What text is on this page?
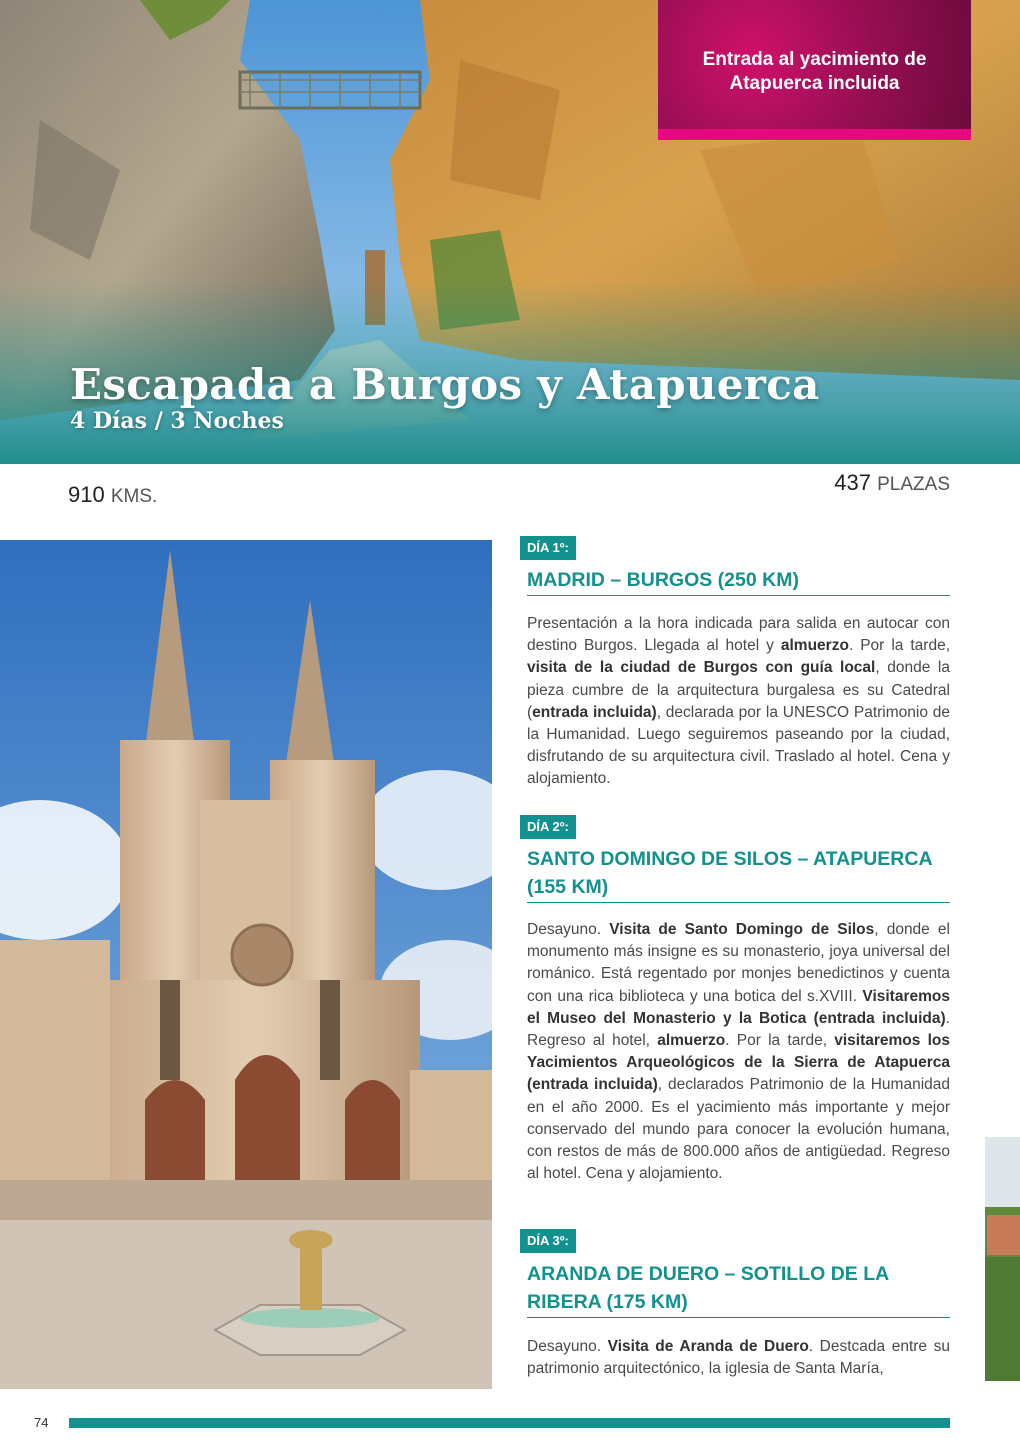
Escapada a Burgos y Atapuerca
4 Días / 3 Noches
Entrada al yacimiento de
Atapuerca incluida
910 KMS.
437 PLAZAS
DÍA 1º:
MADRID – BURGOS (250 KM)
Presentación a la hora indicada para salida en autocar con destino Burgos. Llegada al hotel y almuerzo. Por la tarde, visita de la ciudad de Burgos con guía local, donde la pieza cumbre de la arquitectura burgalesa es su Catedral (entrada incluida), declarada por la UNESCO Patrimonio de la Humanidad. Luego seguiremos paseando por la ciudad, disfrutando de su arquitectura civil. Traslado al hotel. Cena y alojamiento.
DÍA 2º:
SANTO DOMINGO DE SILOS – ATAPUERCA (155 KM)
Desayuno. Visita de Santo Domingo de Silos, donde el monumento más insigne es su monasterio, joya universal del románico. Está regentado por monjes benedictinos y cuenta con una rica biblioteca y una botica del s.XVIII. Visitaremos el Museo del Monasterio y la Botica (entrada incluida). Regreso al hotel, almuerzo. Por la tarde, visitaremos los Yacimientos Arqueológicos de la Sierra de Atapuerca (entrada incluida), declarados Patrimonio de la Humanidad en el año 2000. Es el yacimiento más importante y mejor conservado del mundo para conocer la evolución humana, con restos de más de 800.000 años de antigüedad. Regreso al hotel. Cena y alojamiento.
DÍA 3º:
ARANDA DE DUERO – SOTILLO DE LA RIBERA (175 KM)
Desayuno. Visita de Aranda de Duero. Destcada entre su patrimonio arquitectónico, la iglesia de Santa María,
74
